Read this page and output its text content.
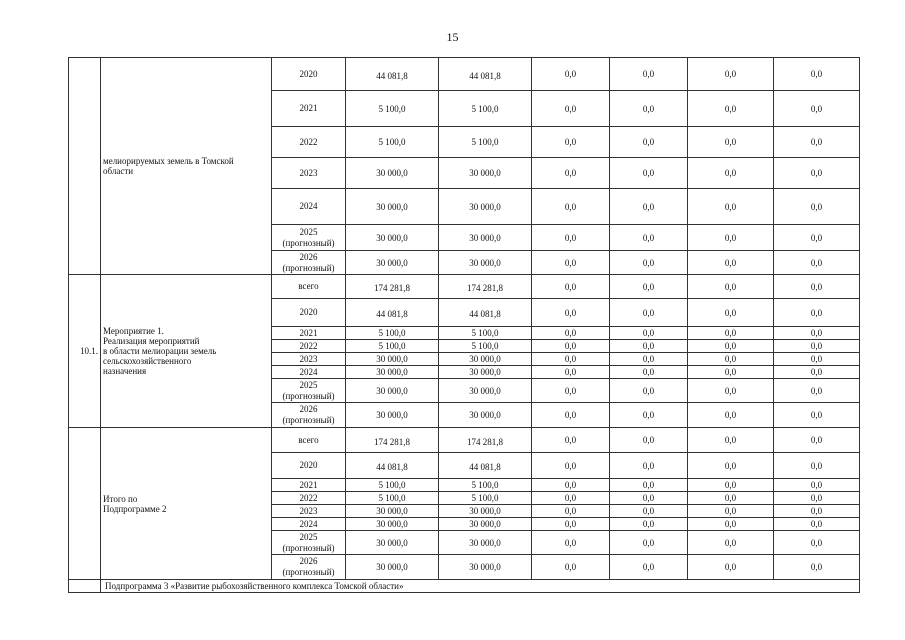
15

	мелиорируемых земель в Томской
области	2020	44 081,8	44 081,8	0,0	0,0	0,0	0,0

		2021	5 100,0	5 100,0	0,0	0,0	0,0	0,0

		2022	5 100,0	5 100,0	0,0	0,0	0,0	0,0

		2023	30 000,0	30 000,0	0,0	0,0	0,0	0,0

		2024	30 000,0	30 000,0	0,0	0,0	0,0	0,0

		2025
(прогнозный)	30 000,0	30 000,0	0,0	0,0	0,0	0,0

		2026
(прогнозный)	30 000,0	30 000,0	0,0	0,0	0,0	0,0
10.1.	Мероприятие 1.
Реализация мероприятий
в области мелиорации земель
сельскохозяйственного
назначения	всего	174 281,8	174 281,8	0,0	0,0	0,0	0,0

		2020	44 081,8	44 081,8	0,0	0,0	0,0	0,0

		2021	5 100,0	5 100,0	0,0	0,0	0,0	0,0

		2022	5 100,0	5 100,0	0,0	0,0	0,0	0,0

		2023	30 000,0	30 000,0	0,0	0,0	0,0	0,0

		2024	30 000,0	30 000,0	0,0	0,0	0,0	0,0

		2025
(прогнозный)	30 000,0	30 000,0	0,0	0,0	0,0	0,0

		2026
(прогнозный)	30 000,0	30 000,0	0,0	0,0	0,0	0,0

	Итого по
Подпрограмме 2	всего	174 281,8	174 281,8	0,0	0,0	0,0	0,0

		2020	44 081,8	44 081,8	0,0	0,0	0,0	0,0

		2021	5 100,0	5 100,0	0,0	0,0	0,0	0,0

		2022	5 100,0	5 100,0	0,0	0,0	0,0	0,0

		2023	30 000,0	30 000,0	0,0	0,0	0,0	0,0

		2024	30 000,0	30 000,0	0,0	0,0	0,0	0,0

		2025
(прогнозный)	30 000,0	30 000,0	0,0	0,0	0,0	0,0

		2026
(прогнозный)	30 000,0	30 000,0	0,0	0,0	0,0	0,0
	Подпрограмма 3 «Развитие рыбохозяйственного комплекса Томской области»							
